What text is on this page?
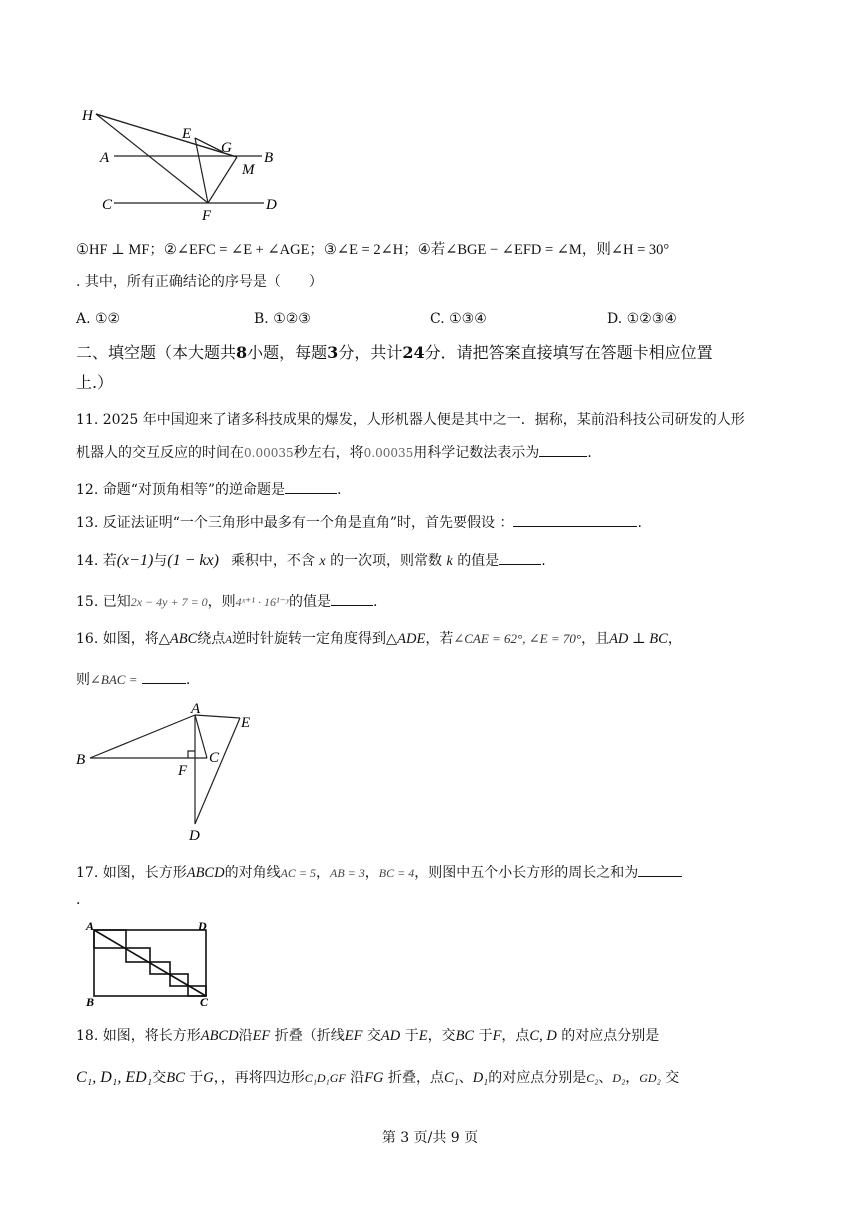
H
E
G
B
A
M
C	D
F
①HF ⊥ MF；②∠EFC = ∠E + ∠AGE；③∠E = 2∠H；④若∠BGE − ∠EFD = ∠M，则∠H = 30°
. 其中，所有正确结论的序号是（　　）
A. ①②	B. ①②③	C. ①③④	D. ①②③④
二、填空题（本大题共8小题，每题3分，共计24分．请把答案直接填写在答题卡相应位置
上.）
11. 2025 年中国迎来了诸多科技成果的爆发，人形机器人便是其中之一．据称，某前沿科技公司研发的人形
机器人的交互反应的时间在0.00035秒左右，将0.00035用科学记数法表示为	.
12. 命题“对顶角相等”的逆命题是	.
13. 反证法证明“一个三角形中最多有一个角是直角”时，首先要假设 ：	.
14. 若(x−1)与(1 − kx) 乘积中，不含 x 的一次项，则常数 k 的值是	.
15. 已知2x − 4y + 7 = 0，则4ˣ⁺¹ · 16¹⁻ʸ的值是	.
16. 如图，将△ABC绕点A逆时针旋转一定角度得到△ADE，若∠CAE = 62°, ∠E = 70°，且AD ⊥ BC，
则∠BAC =	.
A
E
B
F
C
D
17. 如图，长方形ABCD的对角线AC = 5，AB = 3，BC = 4，则图中五个小长方形的周长之和为
.
A	D
B	C
18. 如图，将长方形ABCD沿EF 折叠（折线EF 交AD 于E，交BC 于F，点C, D 的对应点分别是
C₁, D₁, ED₁交BC 于G，，再将四边形C₁D₁GF 沿FG 折叠，点C₁、D₁的对应点分别是C₂、D₂，GD₂ 交
第 3 页/共 9 页
